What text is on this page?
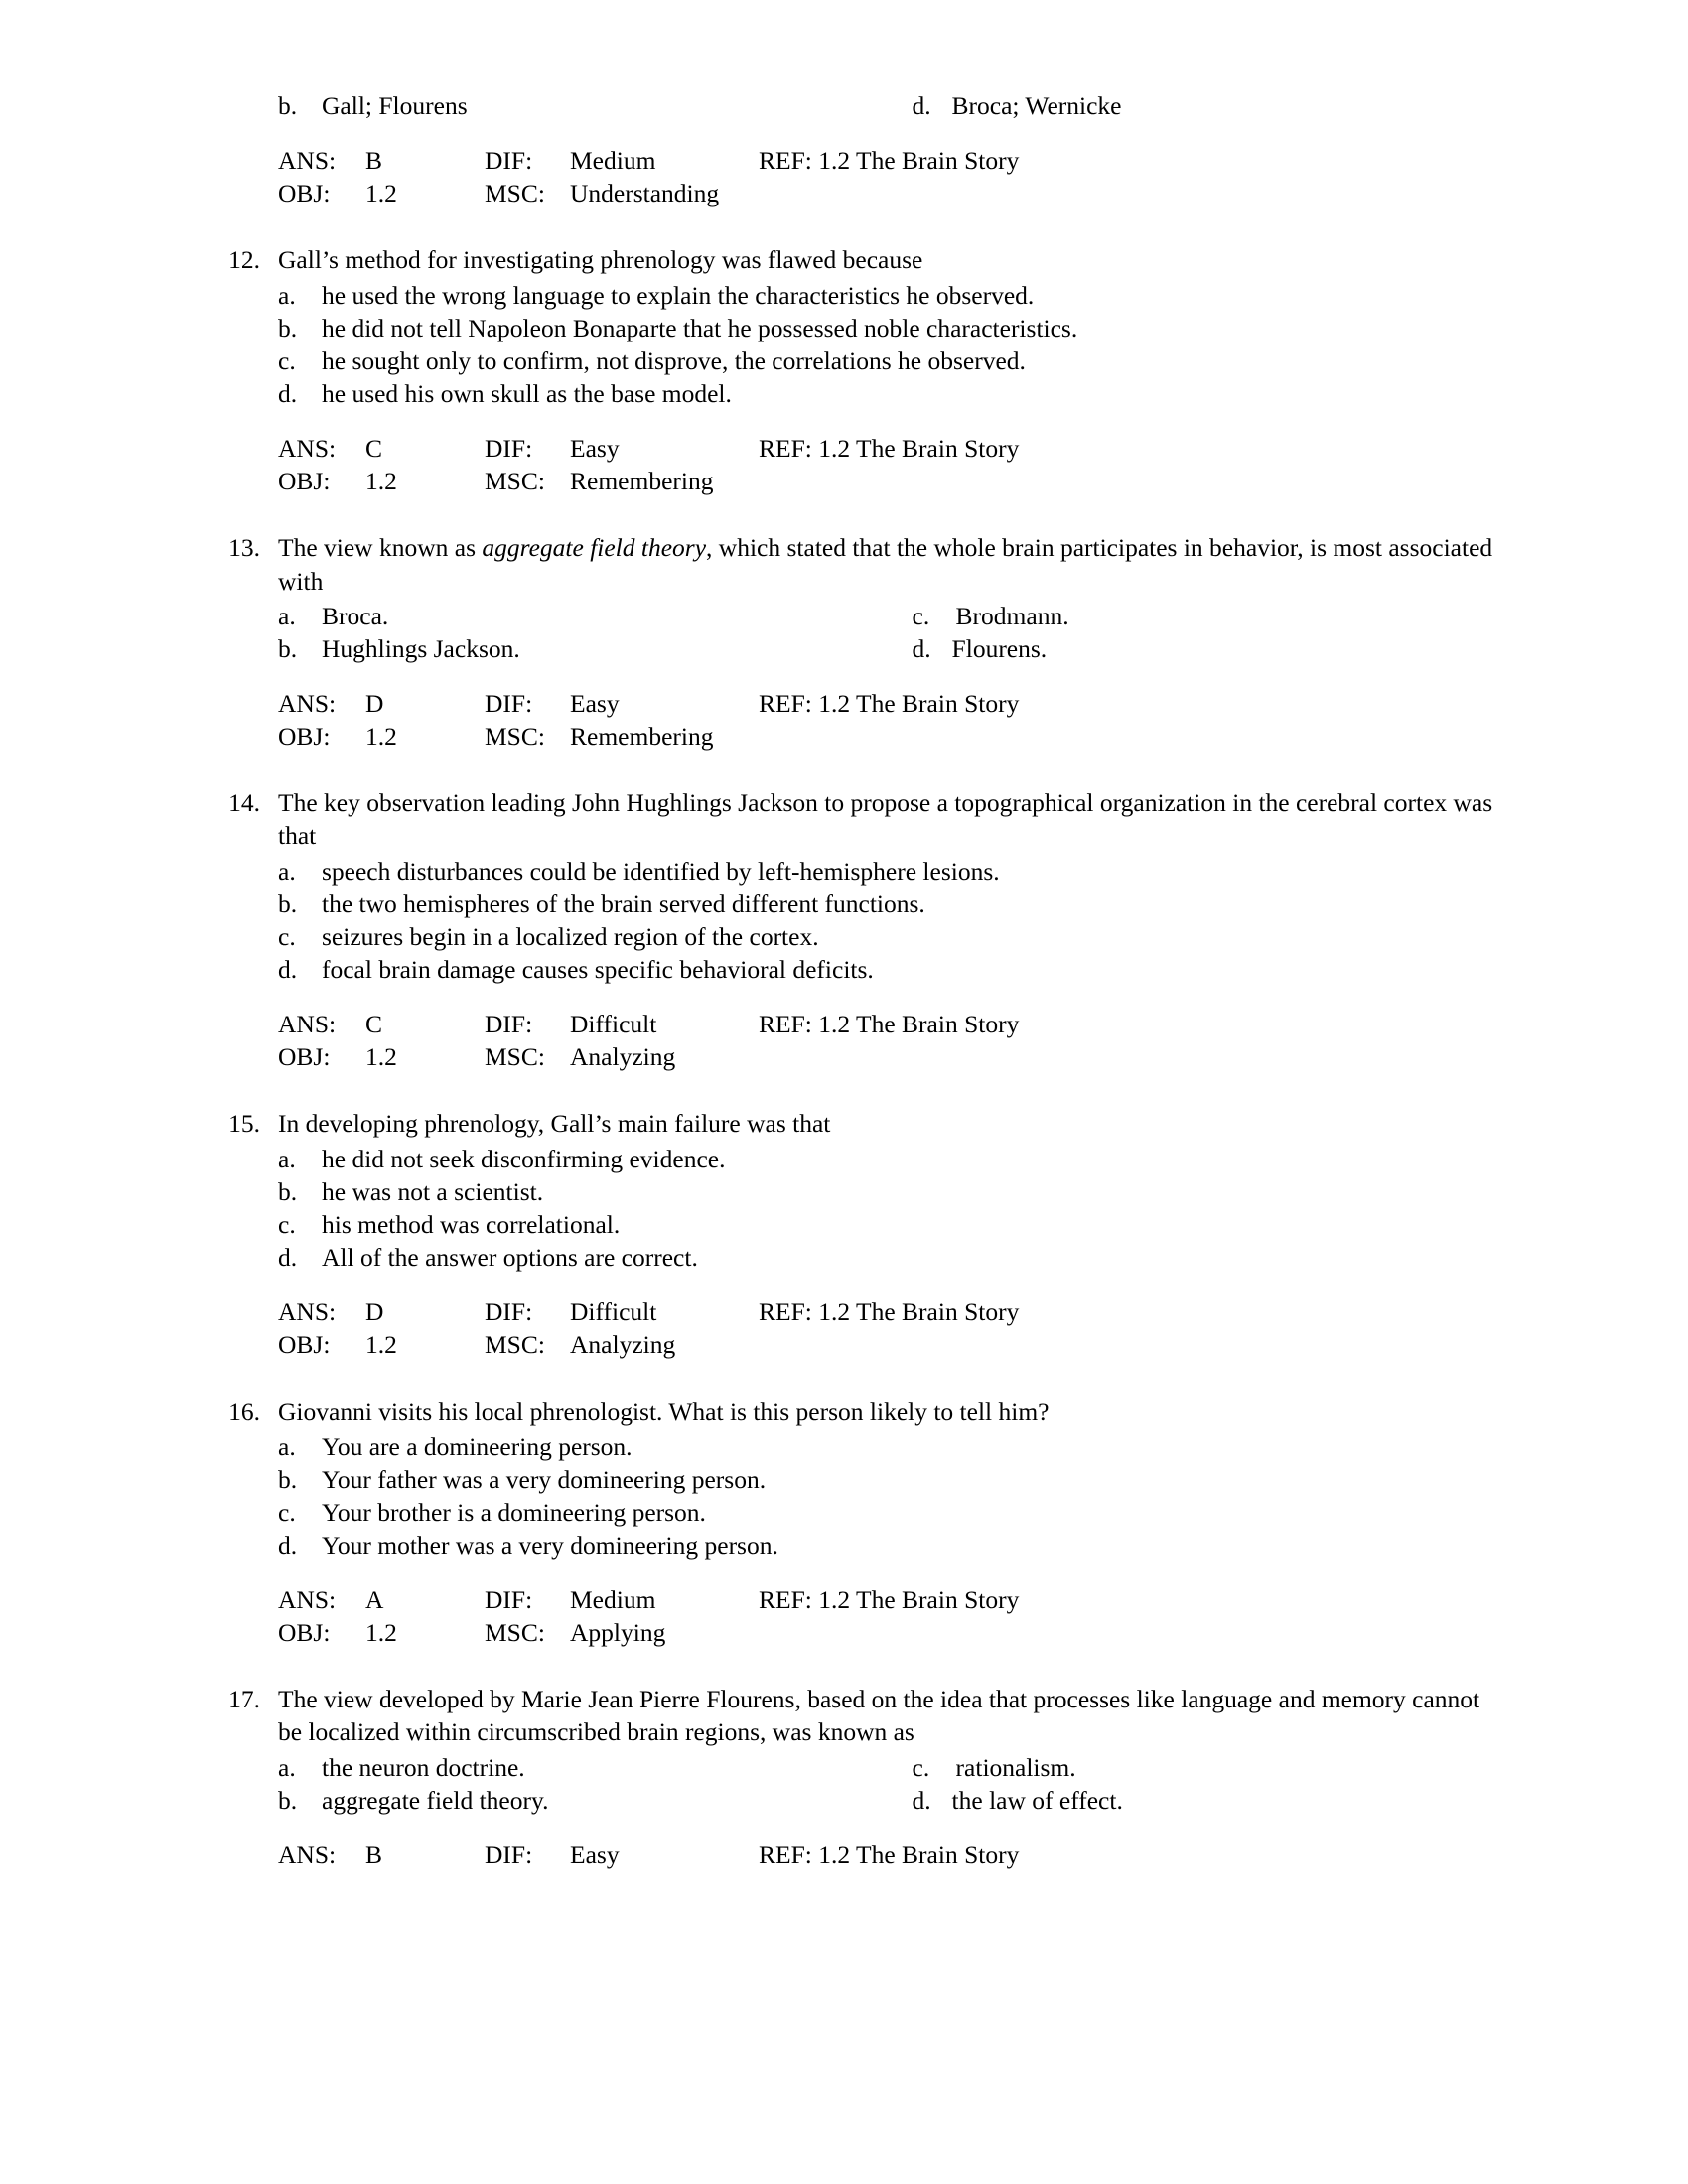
b. Gall; Flourens	d. Broca; Wernicke
ANS:	B	DIF:	Medium	REF: 1.2 The Brain Story
OBJ:	1.2	MSC: Understanding
12. Gall’s method for investigating phrenology was flawed because
a.	he used the wrong language to explain the characteristics he observed.
b. he did not tell Napoleon Bonaparte that he possessed noble characteristics.
c.	he sought only to confirm, not disprove, the correlations he observed.
d. he used his own skull as the base model.
ANS:	C	DIF:	Easy	REF: 1.2 The Brain Story
OBJ:	1.2	MSC: Remembering
13. The view known as aggregate field theory, which stated that the whole brain participates in behavior, is most associated with
a.	Broca.	c.	Brodmann.
b. Hughlings Jackson.	d. Flourens.
ANS:	D	DIF:	Easy	REF: 1.2 The Brain Story
OBJ:	1.2	MSC: Remembering
14. The key observation leading John Hughlings Jackson to propose a topographical organization in the cerebral cortex was that
a.	speech disturbances could be identified by left-hemisphere lesions.
b. the two hemispheres of the brain served different functions.
c.	seizures begin in a localized region of the cortex.
d. focal brain damage causes specific behavioral deficits.
ANS:	C	DIF:	Difficult	REF: 1.2 The Brain Story
OBJ:	1.2	MSC: Analyzing
15. In developing phrenology, Gall’s main failure was that
a.	he did not seek disconfirming evidence.
b. he was not a scientist.
c.	his method was correlational.
d. All of the answer options are correct.
ANS:	D	DIF:	Difficult	REF: 1.2 The Brain Story
OBJ:	1.2	MSC: Analyzing
16. Giovanni visits his local phrenologist. What is this person likely to tell him?
a.	You are a domineering person.
b. Your father was a very domineering person.
c.	Your brother is a domineering person.
d. Your mother was a very domineering person.
ANS:	A	DIF:	Medium	REF: 1.2 The Brain Story
OBJ:	1.2	MSC: Applying
17. The view developed by Marie Jean Pierre Flourens, based on the idea that processes like language and memory cannot be localized within circumscribed brain regions, was known as
a.	the neuron doctrine.	c.	rationalism.
b. aggregate field theory.	d. the law of effect.
ANS:	B	DIF:	Easy	REF: 1.2 The Brain Story
